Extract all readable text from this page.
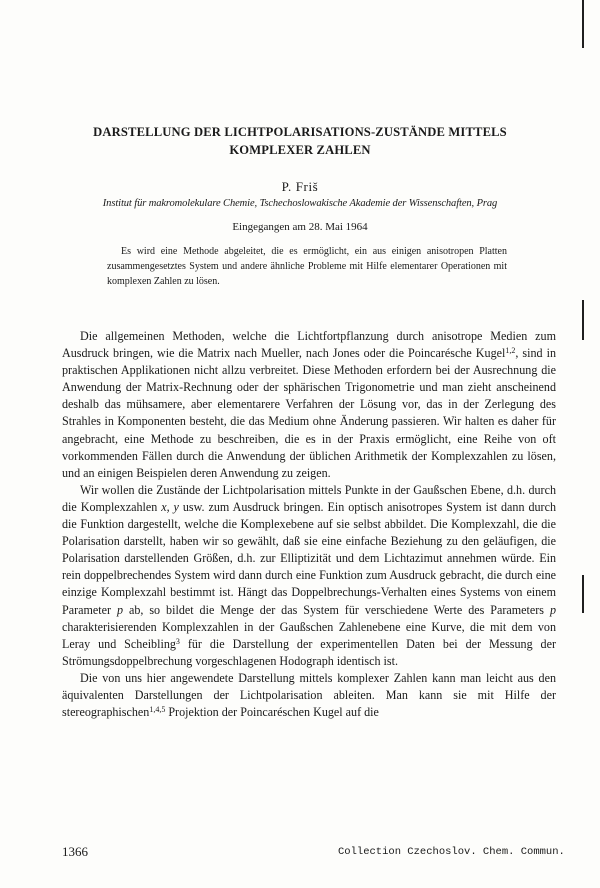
DARSTELLUNG DER LICHTPOLARISATIONS-ZUSTÄNDE MITTELS
KOMPLEXER ZAHLEN
P. Friš
Institut für makromolekulare Chemie, Tschechoslowakische Akademie der Wissenschaften, Prag
Eingegangen am 28. Mai 1964

Es wird eine Methode abgeleitet, die es ermöglicht, ein aus einigen anisotropen Platten zusammengesetztes System und andere ähnliche Probleme mit Hilfe elementarer Operationen mit komplexen Zahlen zu lösen.

Die allgemeinen Methoden, welche die Lichtfortpflanzung durch anisotrope Medien zum Ausdruck bringen, wie die Matrix nach Mueller, nach Jones oder die Poincarésche Kugel$^{1,2}$, sind in praktischen Applikationen nicht allzu verbreitet. Diese Methoden erfordern bei der Ausrechnung die Anwendung der Matrix-Rechnung oder der sphärischen Trigonometrie und man zieht anscheinend deshalb das mühsamere, aber elementarere Verfahren der Lösung vor, das in der Zerlegung des Strahles in Komponenten besteht, die das Medium ohne Änderung passieren. Wir halten es daher für angebracht, eine Methode zu beschreiben, die es in der Praxis ermöglicht, eine Reihe von oft vorkommenden Fällen durch die Anwendung der üblichen Arithmetik der Komplexzahlen zu lösen, und an einigen Beispielen deren Anwendung zu zeigen.

Wir wollen die Zustände der Lichtpolarisation mittels Punkte in der Gaußschen Ebene, d.h. durch die Komplexzahlen x, y usw. zum Ausdruck bringen. Ein optisch anisotropes System ist dann durch die Funktion dargestellt, welche die Komplexebene auf sie selbst abbildet. Die Komplexzahl, die die Polarisation darstellt, haben wir so gewählt, daß sie eine einfache Beziehung zu den geläufigen, die Polarisation darstellenden Größen, d.h. zur Elliptizität und dem Lichtazimut annehmen würde. Ein rein doppelbrechendes System wird dann durch eine Funktion zum Ausdruck gebracht, die durch eine einzige Komplexzahl bestimmt ist. Hängt das Doppelbrechungs-Verhalten eines Systems von einem Parameter p ab, so bildet die Menge der das System für verschiedene Werte des Parameters p charakterisierenden Komplexzahlen in der Gaußschen Zahlenebene eine Kurve, die mit dem von Leray und Scheibling$^3$ für die Darstellung der experimentellen Daten bei der Messung der Strömungsdoppelbrechung vorgeschlagenen Hodograph identisch ist.

Die von uns hier angewendete Darstellung mittels komplexer Zahlen kann man leicht aus den äquivalenten Darstellungen der Lichtpolarisation ableiten. Man kann sie mit Hilfe der stereographischen$^{1,4,5}$ Projektion der Poincaréschen Kugel auf die

1366	Collection Czechoslov. Chem. Commun.
